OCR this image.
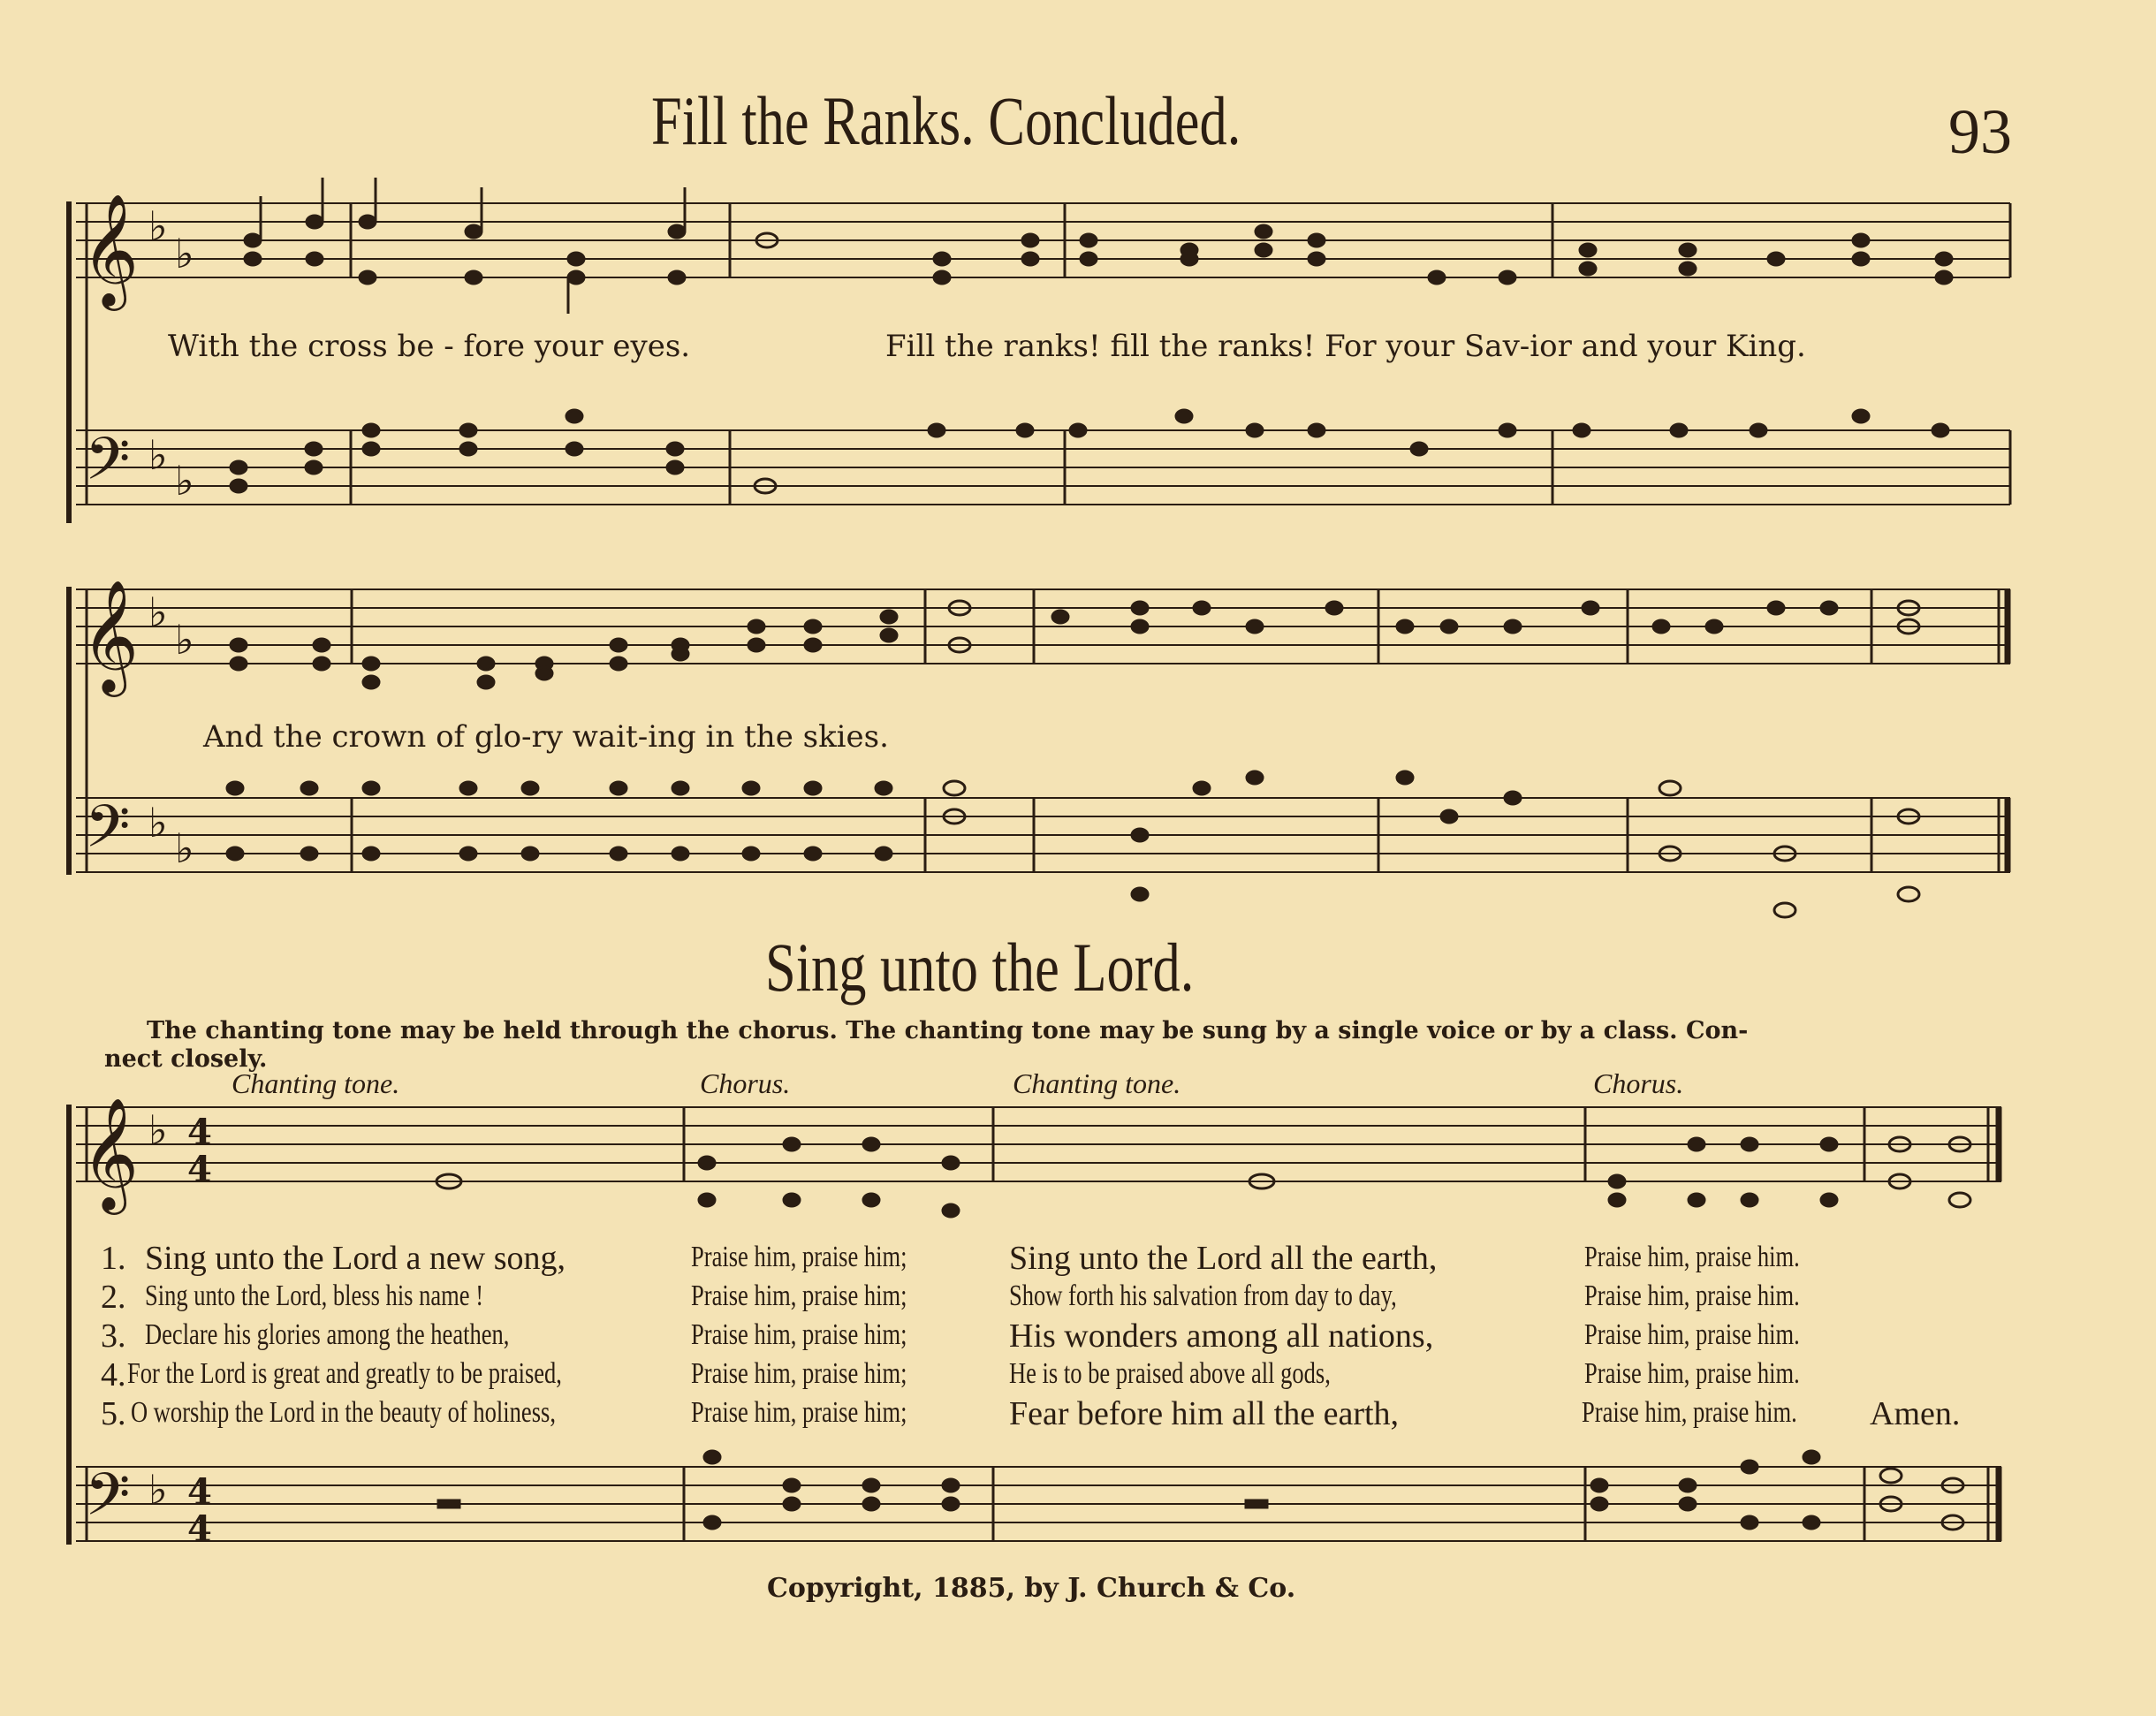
Fill the Ranks. Concluded.	93
𝄞
𝄢
♭
♭
♭
♭
With the cross be - fore your eyes.	Fill the ranks! fill the ranks! For your Sav-ior and your King.
𝄞
𝄢
♭
♭
♭
♭
And the crown of glo-ry wait-ing in the skies.
Sing unto the Lord.
The chanting tone may be held through the chorus. The chanting tone may be sung by a single voice or by a class. Con-
nect closely.
Chanting tone.	Chorus.	Chanting tone.	Chorus.
𝄞
𝄢
♭
♭
4
4
4
4
1. Sing unto the Lord a new song,	Praise him, praise him;	Sing unto the Lord all the earth,	Praise him, praise him.
2. Sing unto the Lord, bless his name !	Praise him, praise him;	Show forth his salvation from day to day,	Praise him, praise him.
3. Declare his glories among the heathen,	Praise him, praise him;	His wonders among all nations,	Praise him, praise him.
4. For the Lord is great and greatly to be praised,	Praise him, praise him;	He is to be praised above all gods,	Praise him, praise him.
5. O worship the Lord in the beauty of holiness,	Praise him, praise him;	Fear before him all the earth,	Praise him, praise him. Amen.
Copyright, 1885, by J. Church & Co.
